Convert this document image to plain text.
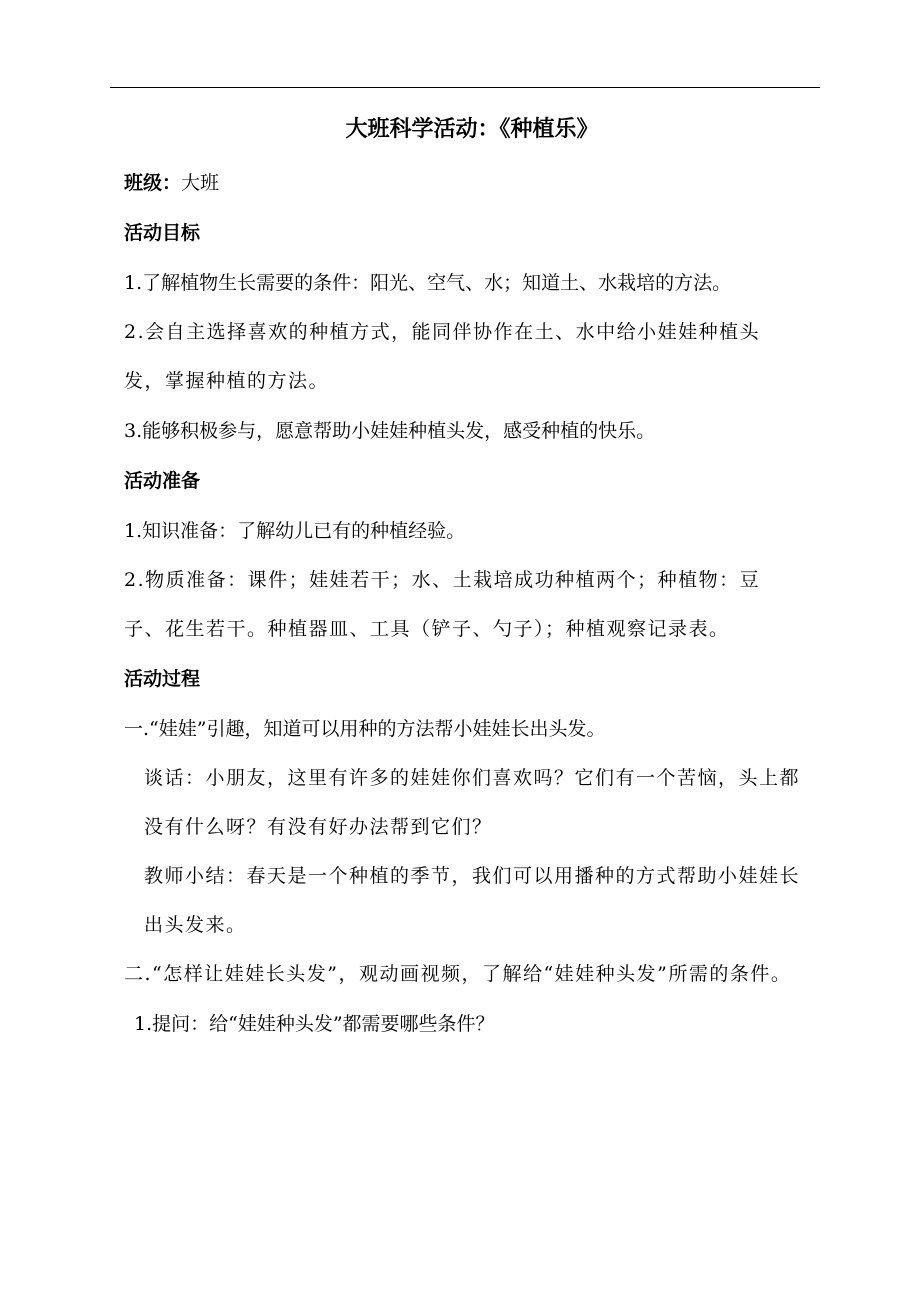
大班科学活动：《种植乐》

班级：大班

活动目标

1.了解植物生长需要的条件：阳光、空气、水；知道土、水栽培的方法。

2.会自主选择喜欢的种植方式，能同伴协作在土、水中给小娃娃种植头发，掌握种植的方法。

3.能够积极参与，愿意帮助小娃娃种植头发，感受种植的快乐。

活动准备

1.知识准备：了解幼儿已有的种植经验。

2.物质准备：课件；娃娃若干；水、土栽培成功种植两个；种植物：豆子、花生若干。种植器皿、工具（铲子、勺子）；种植观察记录表。

活动过程

一.“娃娃”引趣，知道可以用种的方法帮小娃娃长出头发。

谈话：小朋友，这里有许多的娃娃你们喜欢吗？它们有一个苦恼，头上都没有什么呀？有没有好办法帮到它们？

教师小结：春天是一个种植的季节，我们可以用播种的方式帮助小娃娃长出头发来。

二.“怎样让娃娃长头发”，观动画视频，了解给“娃娃种头发”所需的条件。

1.提问：给“娃娃种头发”都需要哪些条件？
